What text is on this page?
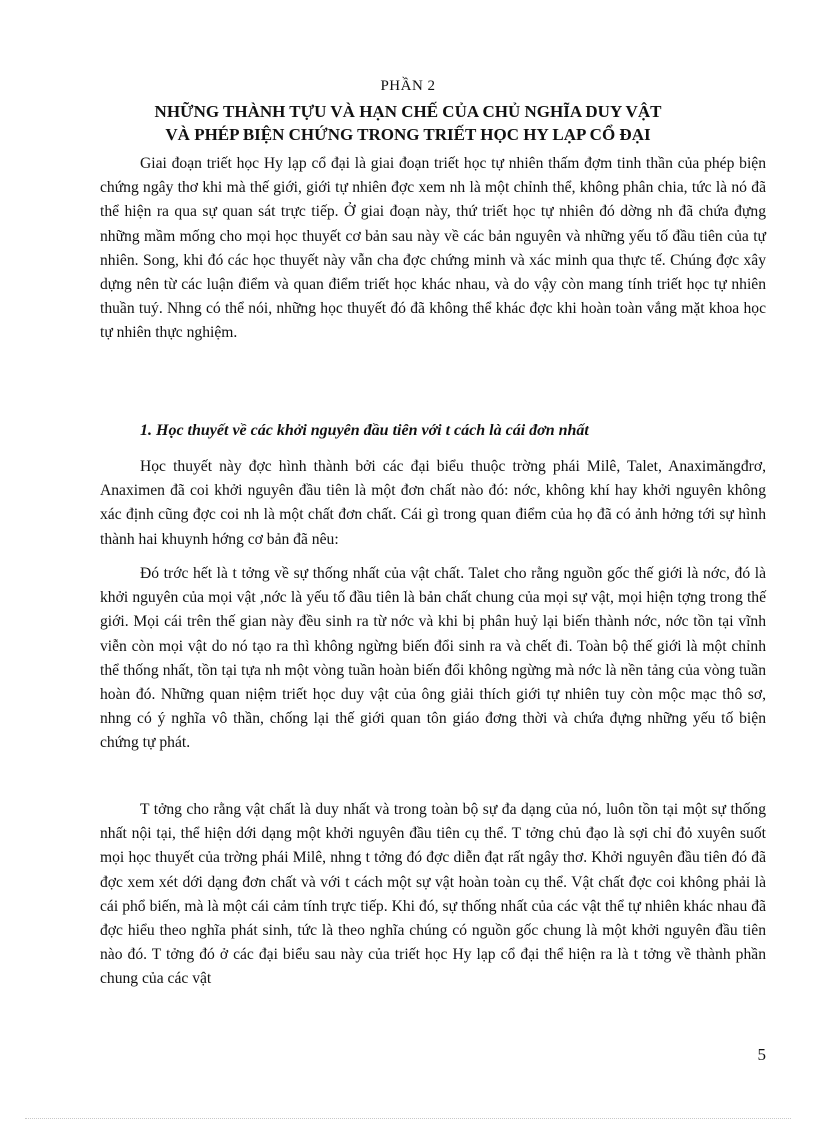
PHẦN 2

NHỮNG THÀNH TỰU VÀ HẠN CHẾ CỦA CHỦ NGHĨA DUY VẬT
VÀ PHÉP BIỆN CHỨNG TRONG TRIẾT HỌC HY LẠP CỔ ĐẠI

Giai đoạn triết học Hy lạp cổ đại là giai đoạn triết học tự nhiên thấm đợm tinh thần của phép biện chứng ngây thơ khi mà thế giới, giới tự nhiên đợc xem nh là một chỉnh thể, không phân chia, tức là nó đã thể hiện ra qua sự quan sát trực tiếp. Ở giai đoạn này, thứ triết học tự nhiên đó dờng nh đã chứa đựng những mầm mống cho mọi học thuyết cơ bản sau này về các bản nguyên và những yếu tố đầu tiên của tự nhiên. Song, khi đó các học thuyết này vẫn cha đợc chứng minh và xác minh qua thực tế. Chúng đợc xây dựng nên từ các luận điểm và quan điểm triết học khác nhau, và do vậy còn mang tính triết học tự nhiên thuần tuý. Nhng có thể nói, những học thuyết đó đã không thể khác đợc khi hoàn toàn vắng mặt khoa học tự nhiên thực nghiệm.

1. Học thuyết về các khởi nguyên đầu tiên với t cách là cái đơn nhất

Học thuyết này đợc hình thành bởi các đại biểu thuộc trờng phái Milê, Talet, Anaximăngđrơ, Anaximen đã coi khởi nguyên đầu tiên là một đơn chất nào đó: nớc, không khí hay khởi nguyên không xác định cũng đợc coi nh là một chất đơn chất. Cái gì trong quan điểm của họ đã có ảnh hởng tới sự hình thành hai khuynh hớng cơ bản đã nêu:

Đó trớc hết là t tởng về sự thống nhất của vật chất. Talet cho rằng nguồn gốc thế giới là nớc, đó là khởi nguyên của mọi vật ,nớc là yếu tố đầu tiên là bản chất chung của mọi sự vật, mọi hiện tợng trong thế giới. Mọi cái trên thế gian này đều sinh ra từ nớc và khi bị phân huỷ lại biến thành nớc, nớc tồn tại vĩnh viễn còn mọi vật do nó tạo ra thì không ngừng biến đổi sinh ra và chết đi. Toàn bộ thế giới là một chỉnh thể thống nhất, tồn tại tựa nh một vòng tuần hoàn biến đổi không ngừng mà nớc là nền tảng của vòng tuần hoàn đó. Những quan niệm triết học duy vật của ông giải thích giới tự nhiên tuy còn mộc mạc thô sơ, nhng có ý nghĩa vô thần, chống lại thế giới quan tôn giáo đơng thời và chứa đựng những yếu tố biện chứng tự phát.

T tởng cho rằng vật chất là duy nhất và trong toàn bộ sự đa dạng của nó, luôn tồn tại một sự thống nhất nội tại, thể hiện dới dạng một khởi nguyên đầu tiên cụ thể. T tởng chủ đạo là sợi chỉ đỏ xuyên suốt mọi học thuyết của trờng phái Milê, nhng t tởng đó đợc diễn đạt rất ngây thơ. Khởi nguyên đầu tiên đó đã đợc xem xét dới dạng đơn chất và với t cách một sự vật hoàn toàn cụ thể. Vật chất đợc coi không phải là cái phổ biến, mà là một cái cảm tính trực tiếp. Khi đó, sự thống nhất của các vật thể tự nhiên khác nhau đã đợc hiểu theo nghĩa phát sinh, tức là theo nghĩa chúng có nguồn gốc chung là một khởi nguyên đầu tiên nào đó. T tởng đó ở các đại biểu sau này của triết học Hy lạp cổ đại thể hiện ra là t tởng về thành phần chung của các vật

5
